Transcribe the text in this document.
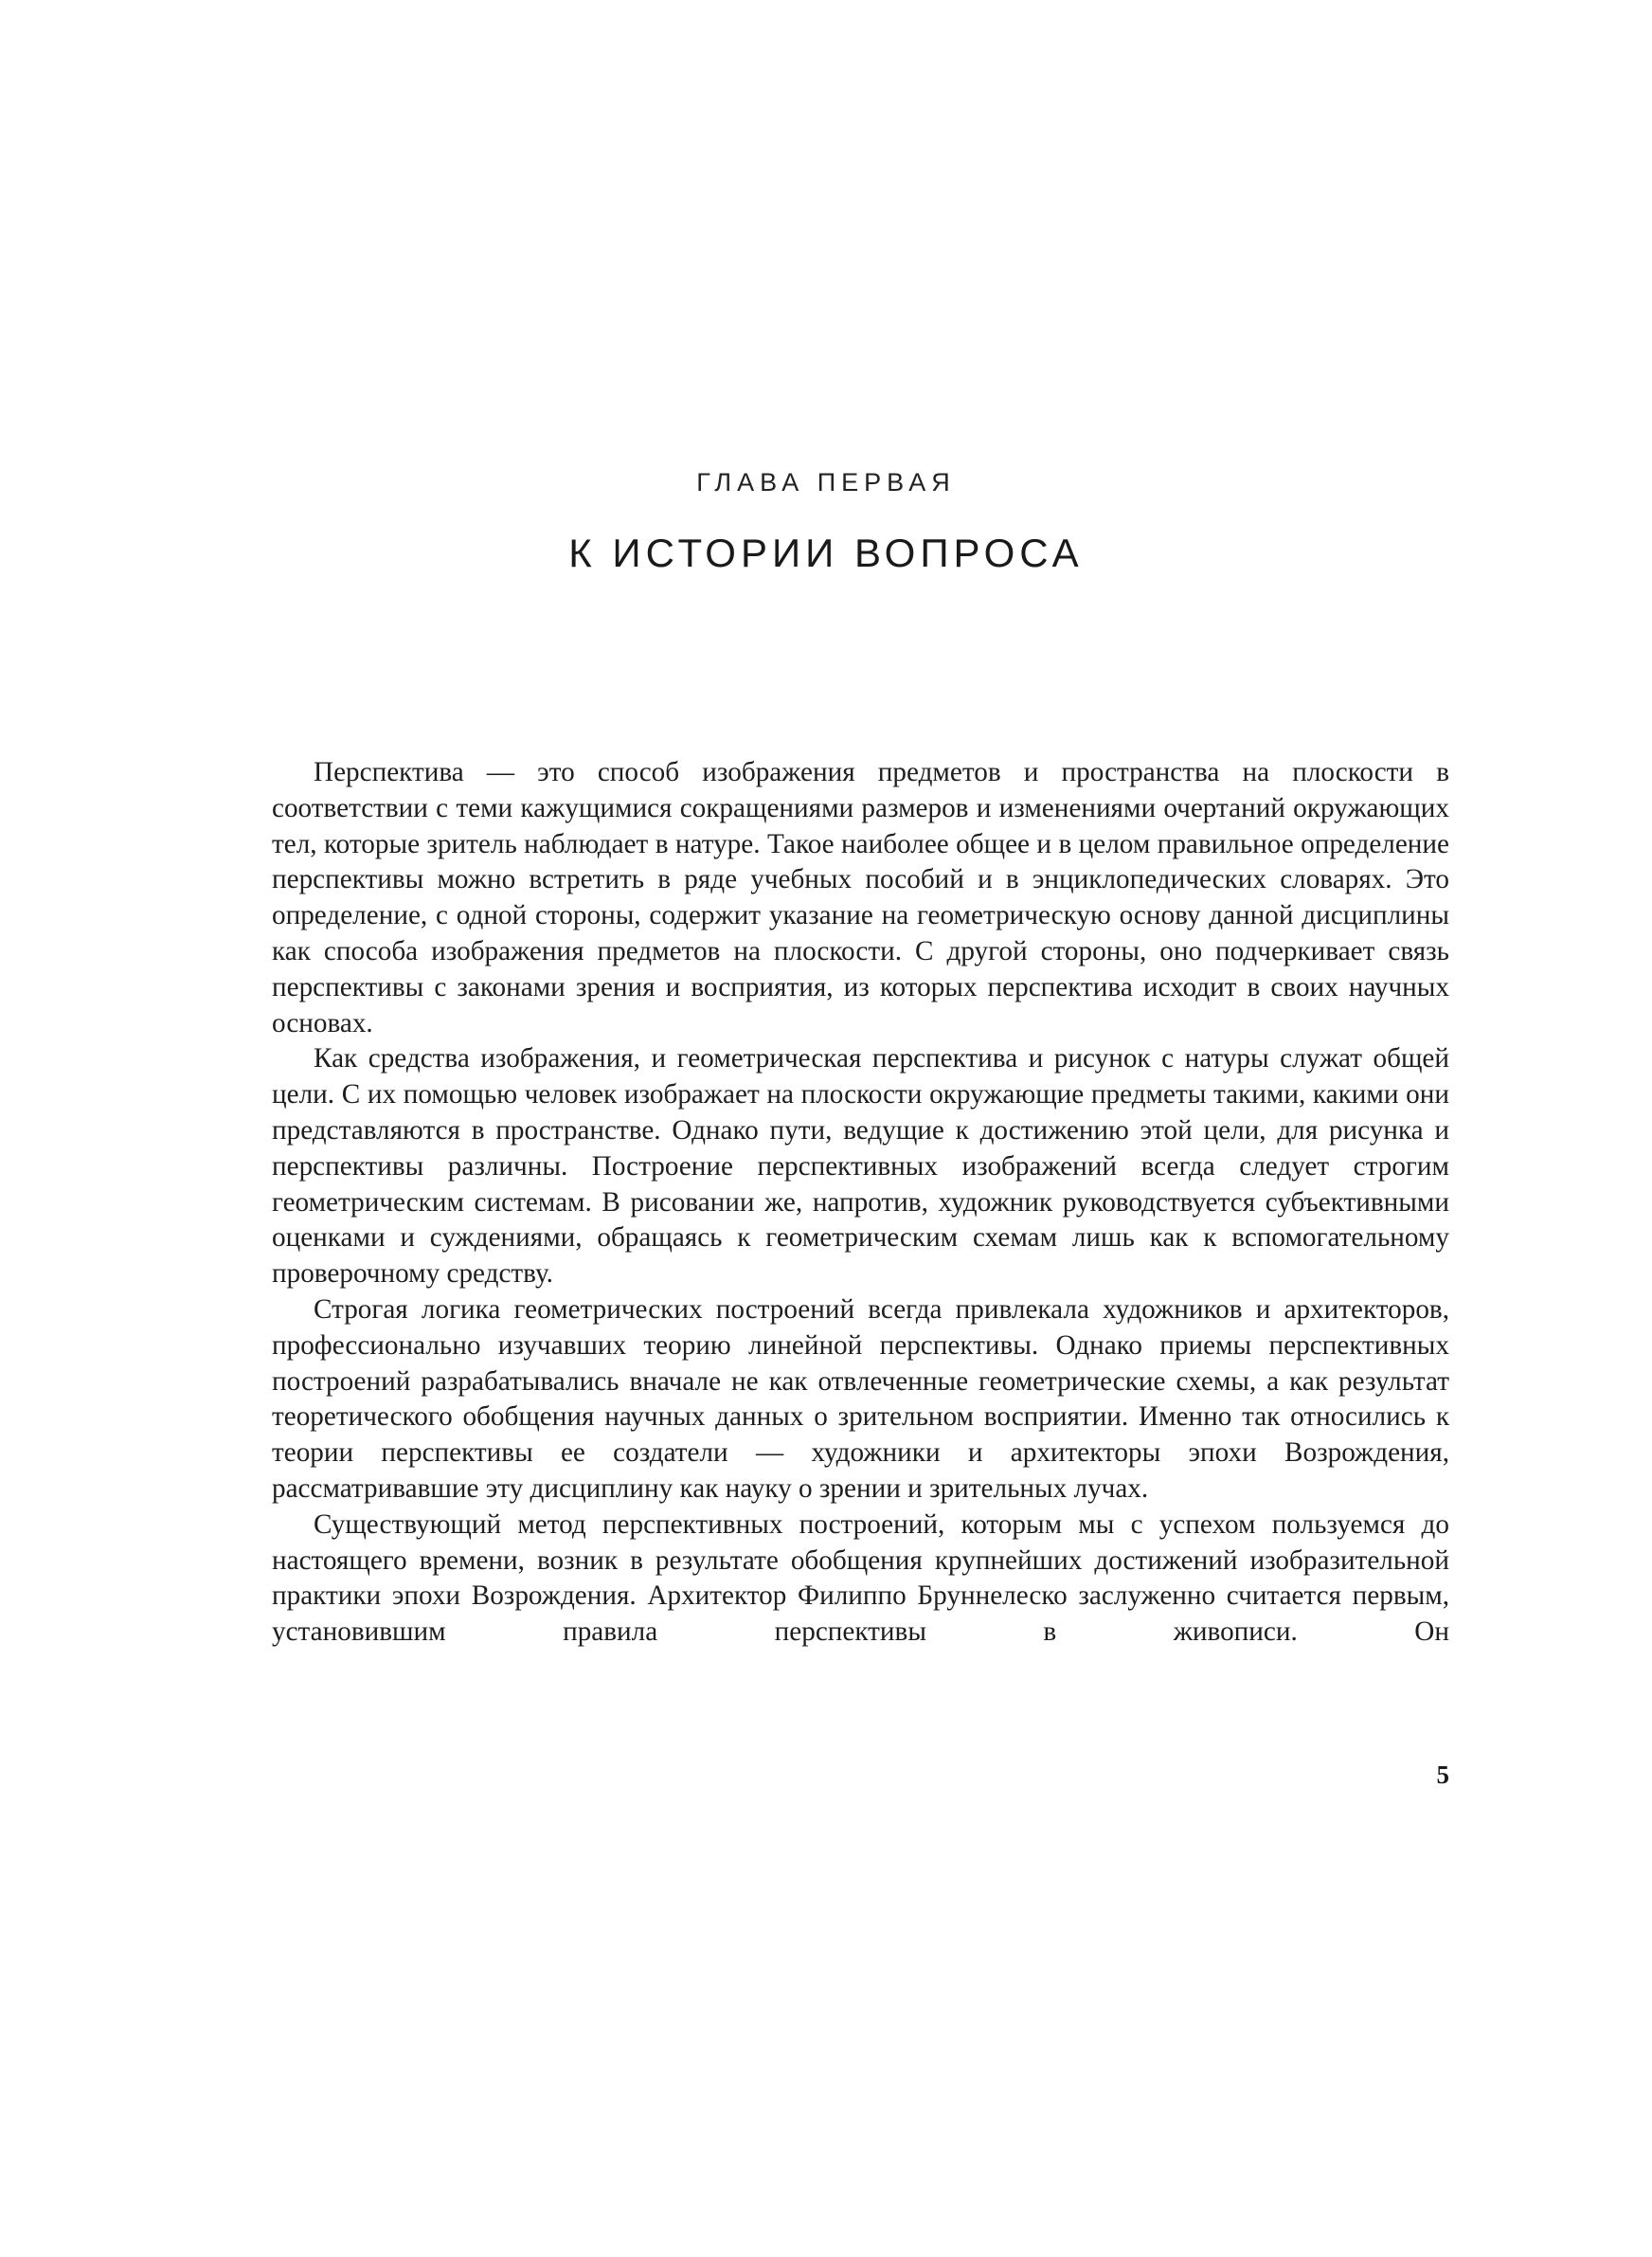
ГЛАВА ПЕРВАЯ
К ИСТОРИИ ВОПРОСА

Перспектива — это способ изображения предметов и пространства на плоскости в соответствии с теми кажущимися сокращениями размеров и изменениями очертаний окружающих тел, которые зритель наблюдает в натуре. Такое наиболее общее и в целом правильное определение перспективы можно встретить в ряде учебных пособий и в энциклопедических словарях. Это определение, с одной стороны, содержит указание на геометрическую основу данной дисциплины как способа изображения предметов на плоскости. С другой стороны, оно подчеркивает связь перспективы с законами зрения и восприятия, из которых перспектива исходит в своих научных основах.

Как средства изображения, и геометрическая перспектива и рисунок с натуры служат общей цели. С их помощью человек изображает на плоскости окружающие предметы такими, какими они представляются в пространстве. Однако пути, ведущие к достижению этой цели, для рисунка и перспективы различны. Построение перспективных изображений всегда следует строгим геометрическим системам. В рисовании же, напротив, художник руководствуется субъективными оценками и суждениями, обращаясь к геометрическим схемам лишь как к вспомогательному проверочному средству.

Строгая логика геометрических построений всегда привлекала художников и архитекторов, профессионально изучавших теорию линейной перспективы. Однако приемы перспективных построений разрабатывались вначале не как отвлеченные геометрические схемы, а как результат теоретического обобщения научных данных о зрительном восприятии. Именно так относились к теории перспективы ее создатели — художники и архитекторы эпохи Возрождения, рассматривавшие эту дисциплину как науку о зрении и зрительных лучах.

Существующий метод перспективных построений, которым мы с успехом пользуемся до настоящего времени, возник в результате обобщения крупнейших достижений изобразительной практики эпохи Возрождения. Архитектор Филиппо Бруннелеско заслуженно считается первым, установившим правила перспективы в живописи. Он

5
